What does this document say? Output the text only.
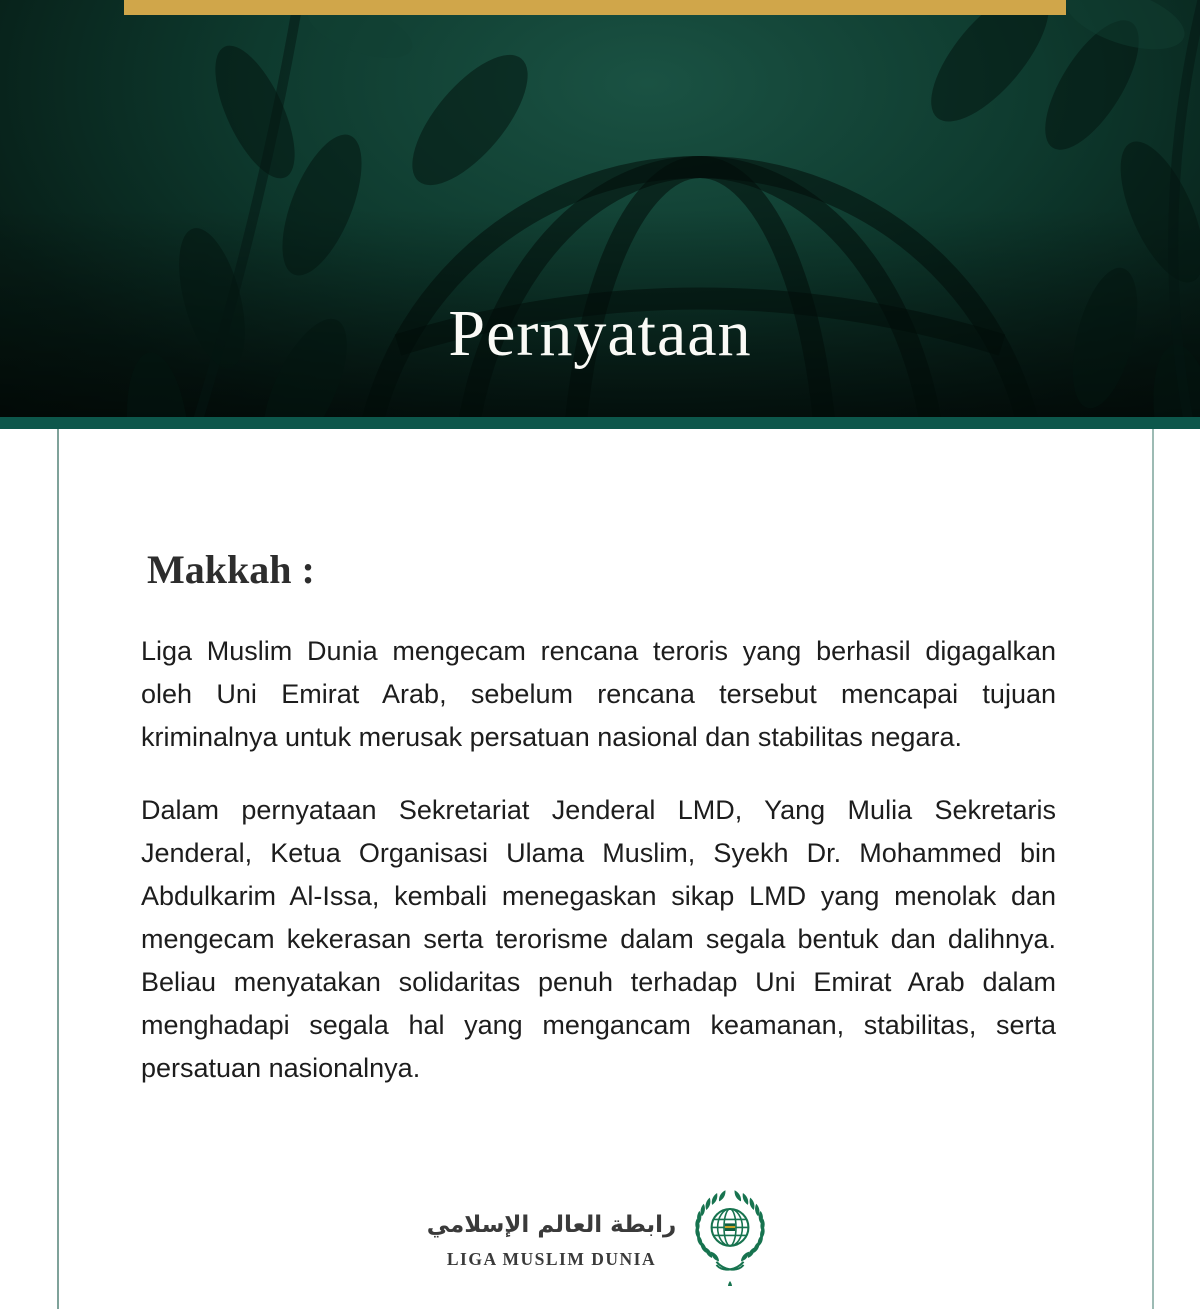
Pernyataan
Makkah :

Liga Muslim Dunia mengecam rencana teroris yang berhasil digagalkan oleh Uni Emirat Arab, sebelum rencana tersebut mencapai tujuan kriminalnya untuk merusak persatuan nasional dan stabilitas negara.

Dalam pernyataan Sekretariat Jenderal LMD, Yang Mulia Sekretaris Jenderal, Ketua Organisasi Ulama Muslim, Syekh Dr. Mohammed bin Abdulkarim Al-Issa, kembali menegaskan sikap LMD yang menolak dan mengecam kekerasan serta terorisme dalam segala bentuk dan dalihnya. Beliau menyatakan solidaritas penuh terhadap Uni Emirat Arab dalam menghadapi segala hal yang mengancam keamanan, stabilitas, serta persatuan nasionalnya.

رابطة العالم الإسلامي
LIGA MUSLIM DUNIA
